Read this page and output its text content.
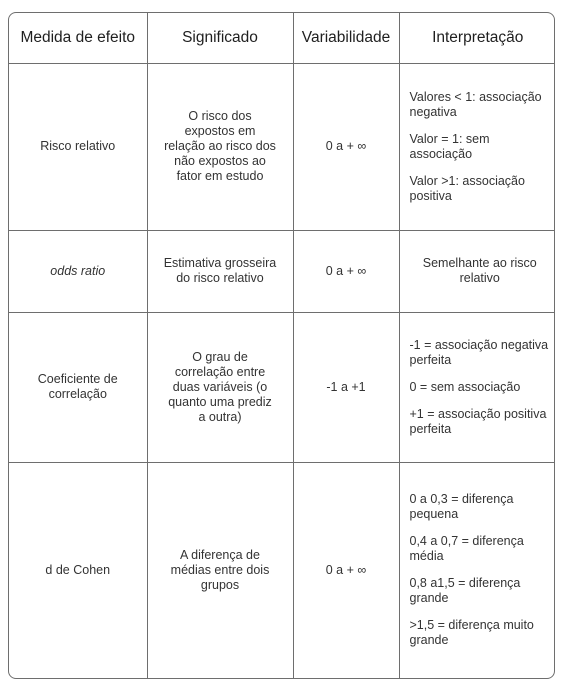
Medida de efeito	Significado	Variabilidade	Interpretação
Risco relativo	O risco dos expostos em relação ao risco dos não expostos ao fator em estudo	0 a + ∞	Valores < 1: associação negativa
Valor = 1: sem associação
Valor >1: associação positiva

odds ratio	Estimativa grosseira do risco relativo	0 a + ∞	Semelhante ao risco relativo

Coeficiente de correlação	O grau de correlação entre duas variáveis (o quanto uma prediz a outra)	-1 a +1	-1 = associação negativa perfeita
0 = sem associação
+1 = associação positiva perfeita

d de Cohen	A diferença de médias entre dois grupos	0 a + ∞	0 a 0,3 = diferença pequena
0,4 a 0,7 = diferença média
0,8 a1,5 = diferença grande
>1,5 = diferença muito grande
